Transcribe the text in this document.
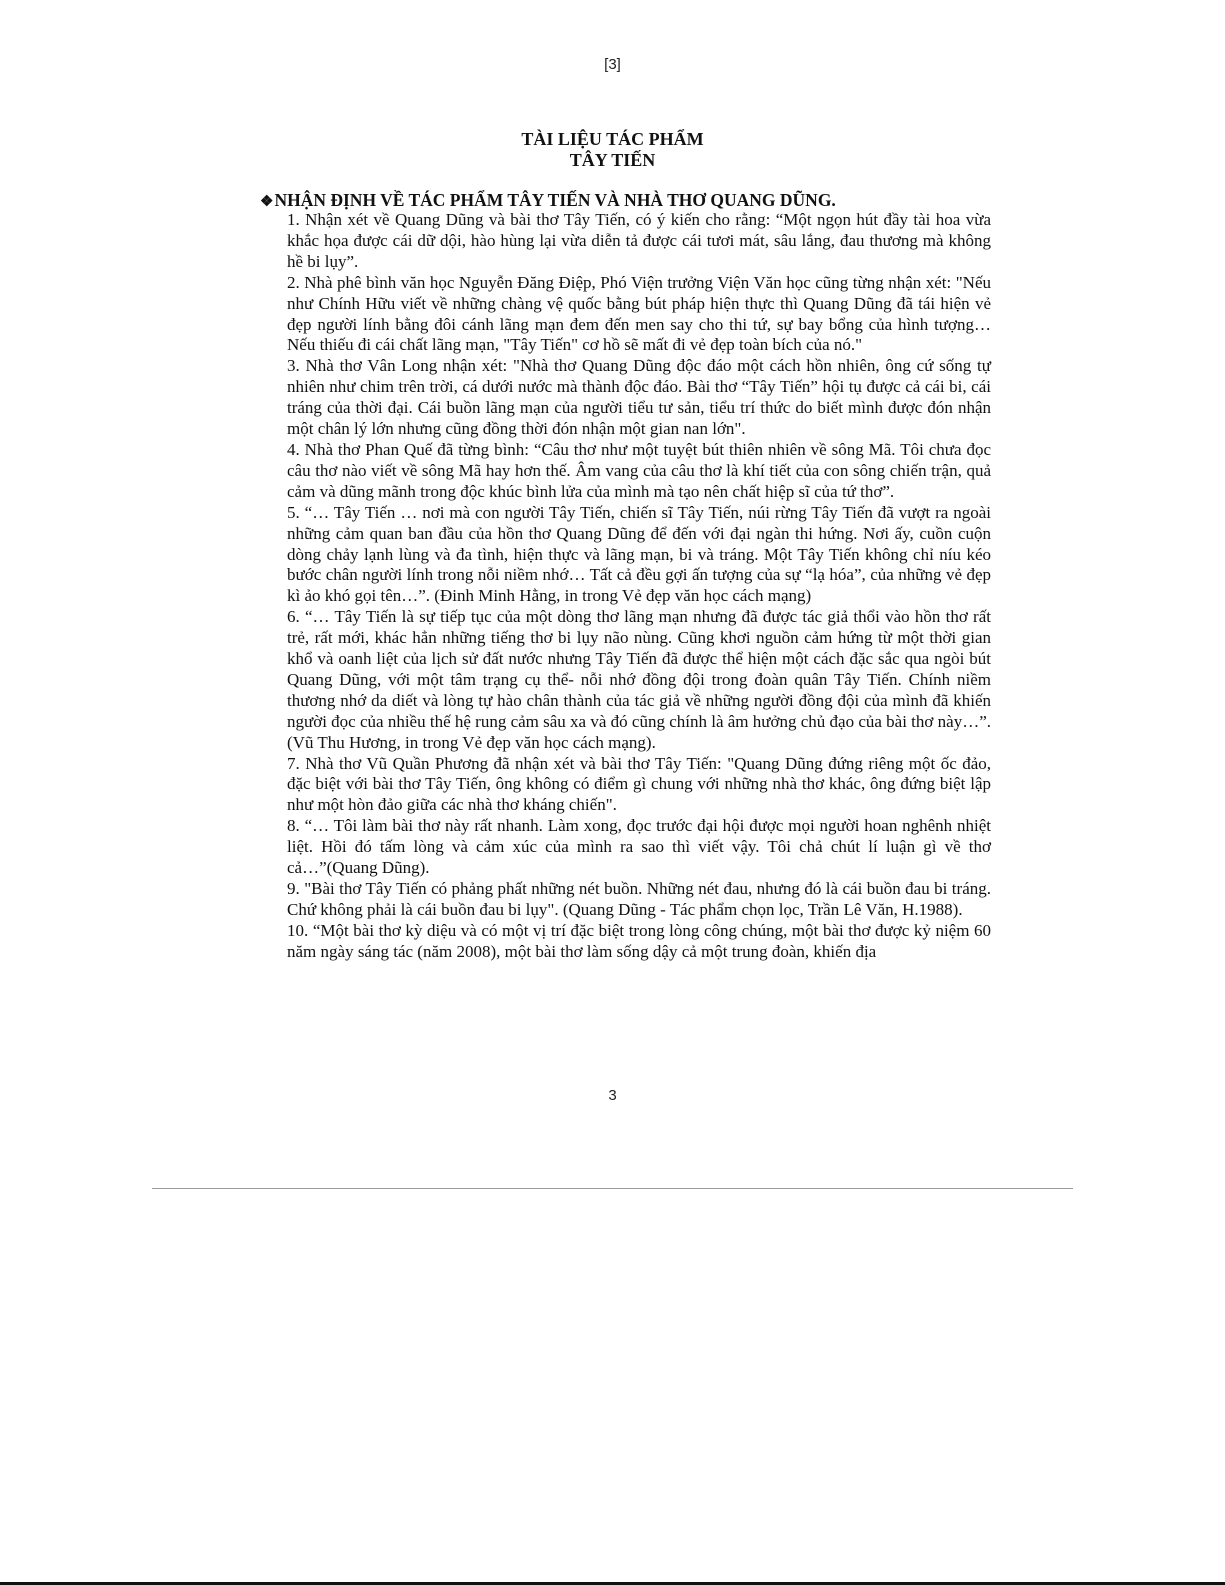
[3]
TÀI LIỆU TÁC PHẨM
TÂY TIẾN
❖NHẬN ĐỊNH VỀ TÁC PHẨM TÂY TIẾN VÀ NHÀ THƠ QUANG DŨNG.

1. Nhận xét về Quang Dũng và bài thơ Tây Tiến, có ý kiến cho rằng: “Một ngọn hút đầy tài hoa vừa khắc họa được cái dữ dội, hào hùng lại vừa diễn tả được cái tươi mát, sâu lắng, đau thương mà không hề bi lụy”.

2. Nhà phê bình văn học Nguyễn Đăng Điệp, Phó Viện trưởng Viện Văn học cũng từng nhận xét: "Nếu như Chính Hữu viết về những chàng vệ quốc bằng bút pháp hiện thực thì Quang Dũng đã tái hiện vẻ đẹp người lính bằng đôi cánh lãng mạn đem đến men say cho thi tứ, sự bay bổng của hình tượng… Nếu thiếu đi cái chất lãng mạn, "Tây Tiến" cơ hồ sẽ mất đi vẻ đẹp toàn bích của nó."

3. Nhà thơ Vân Long nhận xét: "Nhà thơ Quang Dũng độc đáo một cách hồn nhiên, ông cứ sống tự nhiên như chim trên trời, cá dưới nước mà thành độc đáo. Bài thơ “Tây Tiến” hội tụ được cả cái bi, cái tráng của thời đại. Cái buồn lãng mạn của người tiểu tư sản, tiểu trí thức do biết mình được đón nhận một chân lý lớn nhưng cũng đồng thời đón nhận một gian nan lớn".

4. Nhà thơ Phan Quế đã từng bình: “Câu thơ như một tuyệt bút thiên nhiên về sông Mã. Tôi chưa đọc câu thơ nào viết về sông Mã hay hơn thế. Âm vang của câu thơ là khí tiết của con sông chiến trận, quả cảm và dũng mãnh trong độc khúc bình lửa của mình mà tạo nên chất hiệp sĩ của tứ thơ”.

5. “… Tây Tiến … nơi mà con người Tây Tiến, chiến sĩ Tây Tiến, núi rừng Tây Tiến đã vượt ra ngoài những cảm quan ban đầu của hồn thơ Quang Dũng để đến với đại ngàn thi hứng. Nơi ấy, cuồn cuộn dòng chảy lạnh lùng và đa tình, hiện thực và lãng mạn, bi và tráng. Một Tây Tiến không chỉ níu kéo bước chân người lính trong nỗi niềm nhớ… Tất cả đều gợi ấn tượng của sự “lạ hóa”, của những vẻ đẹp kì ảo khó gọi tên…”. (Đinh Minh Hằng, in trong Vẻ đẹp văn học cách mạng)

6. “… Tây Tiến là sự tiếp tục của một dòng thơ lãng mạn nhưng đã được tác giả thổi vào hồn thơ rất trẻ, rất mới, khác hẳn những tiếng thơ bi lụy não nùng. Cũng khơi nguồn cảm hứng từ một thời gian khổ và oanh liệt của lịch sử đất nước nhưng Tây Tiến đã được thể hiện một cách đặc sắc qua ngòi bút Quang Dũng, với một tâm trạng cụ thể- nỗi nhớ đồng đội trong đoàn quân Tây Tiến. Chính niềm thương nhớ da diết và lòng tự hào chân thành của tác giả về những người đồng đội của mình đã khiến người đọc của nhiều thế hệ rung cảm sâu xa và đó cũng chính là âm hưởng chủ đạo của bài thơ này…”. (Vũ Thu Hương, in trong Vẻ đẹp văn học cách mạng).

7. Nhà thơ Vũ Quần Phương đã nhận xét và bài thơ Tây Tiến: "Quang Dũng đứng riêng một ốc đảo, đặc biệt với bài thơ Tây Tiến, ông không có điểm gì chung với những nhà thơ khác, ông đứng biệt lập như một hòn đảo giữa các nhà thơ kháng chiến".

8. “… Tôi làm bài thơ này rất nhanh. Làm xong, đọc trước đại hội được mọi người hoan nghênh nhiệt liệt. Hồi đó tấm lòng và cảm xúc của mình ra sao thì viết vậy. Tôi chả chút lí luận gì về thơ cả…”(Quang Dũng).

9. "Bài thơ Tây Tiến có phảng phất những nét buồn. Những nét đau, nhưng đó là cái buồn đau bi tráng. Chứ không phải là cái buồn đau bi lụy". (Quang Dũng - Tác phẩm chọn lọc, Trần Lê Văn, H.1988).

10. “Một bài thơ kỳ diệu và có một vị trí đặc biệt trong lòng công chúng, một bài thơ được kỷ niệm 60 năm ngày sáng tác (năm 2008), một bài thơ làm sống dậy cả một trung đoàn, khiến địa

3
